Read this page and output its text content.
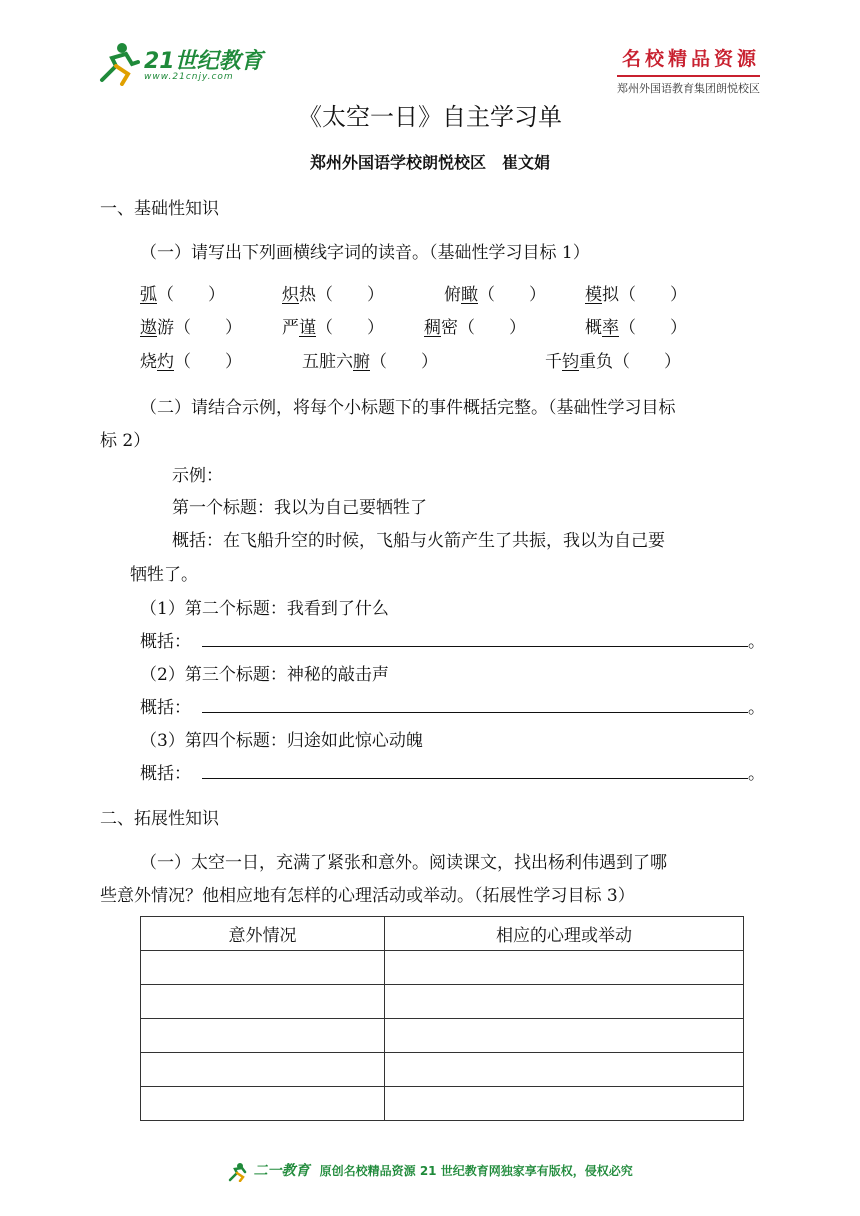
21世纪教育
www.21cnjy.com
名校精品资源
郑州外国语教育集团朗悦校区
《太空一日》自主学习单
郑州外国语学校朗悦校区　崔文娟
一、基础性知识
（一）请写出下列画横线字词的读音。（基础性学习目标 1）
弧（ ）	炽热（ ）	俯瞰（ ） 模拟（ ）
遨游（ ） 严谨（ ） 稠密（ ）	概率（ ）
烧灼（ ）	五脏六腑（ ）	千钧重负（ ）
（二）请结合示例，将每个小标题下的事件概括完整。（基础性学习目标
标 2）
示例：
第一个标题：我以为自己要牺牲了
概括：在飞船升空的时候，飞船与火箭产生了共振，我以为自己要
牺牲了。
（1）第二个标题：我看到了什么
概括：	。
（2）第三个标题：神秘的敲击声
概括：	。
（3）第四个标题：归途如此惊心动魄
概括：	。
二、拓展性知识
（一）太空一日，充满了紧张和意外。阅读课文，找出杨利伟遇到了哪
些意外情况？他相应地有怎样的心理活动或举动。（拓展性学习目标 3）
意外情况	相应的心理或举动

二一教育 原创名校精品资源 21 世纪教育网独家享有版权，侵权必究
